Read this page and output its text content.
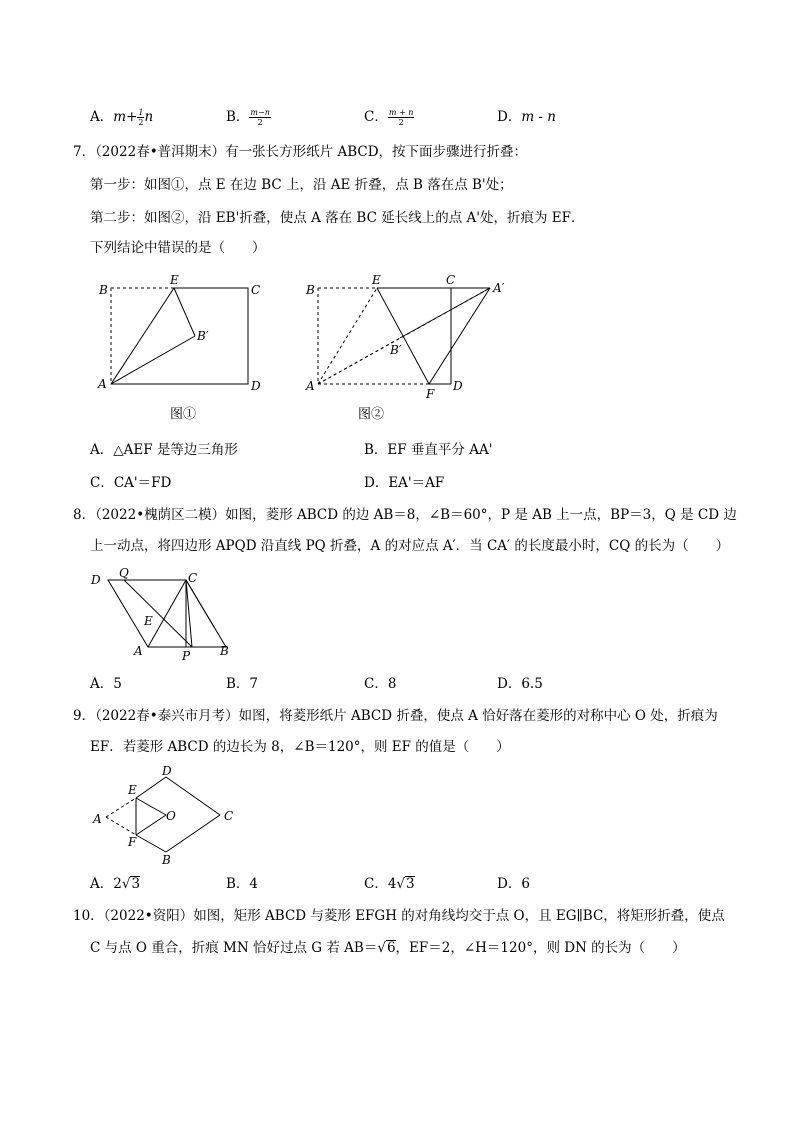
A．$m+ \frac{1}{2}$ n	B． $\frac{m-n}{2}$	C． $\frac{m + n}{2}$	D．m - n
7．（2022春•普洱期末）有一张长方形纸片 ABCD，按下面步骤进行折叠：
第一步：如图①，点 E 在边 BC 上，沿 AE 折叠，点 B 落在点 B'处；
第二步：如图②，沿 EB'折叠，使点 A 落在 BC 延长线上的点 A'处，折痕为 EF．
下列结论中错误的是（　　）
B
E
C
B′
A	D
图①
B
E	C
A′
B′
A
F
D
图②
A．△AEF 是等边三角形	B．EF 垂直平分 AA'
C．CA'＝FD	D．EA'＝AF
8．（2022•槐荫区二模）如图，菱形 ABCD 的边 AB＝8，∠B＝60°，P 是 AB 上一点，BP＝3，Q 是 CD 边
上一动点，将四边形 APQD 沿直线 PQ 折叠，A 的对应点 A′．当 CA′ 的长度最小时，CQ 的长为（　　）
D Q	C
E
A	P B
A．5	B．7	C．8	D．6.5
9．（2022春•泰兴市月考）如图，将菱形纸片 ABCD 折叠，使点 A 恰好落在菱形的对称中心 O 处，折痕为
EF．若菱形 ABCD 的边长为 8，∠B＝120°，则 EF 的值是（　　）
D
E
A	O	C
F
B
A．2√3	B．4	C．4√3	D．6
10．（2022•资阳）如图，矩形 ABCD 与菱形 EFGH 的对角线均交于点 O，且 EG∥BC，将矩形折叠，使点
C 与点 O 重合，折痕 MN 恰好过点 G 若 AB＝√6，EF＝2，∠H＝120°，则 DN 的长为（　　）
